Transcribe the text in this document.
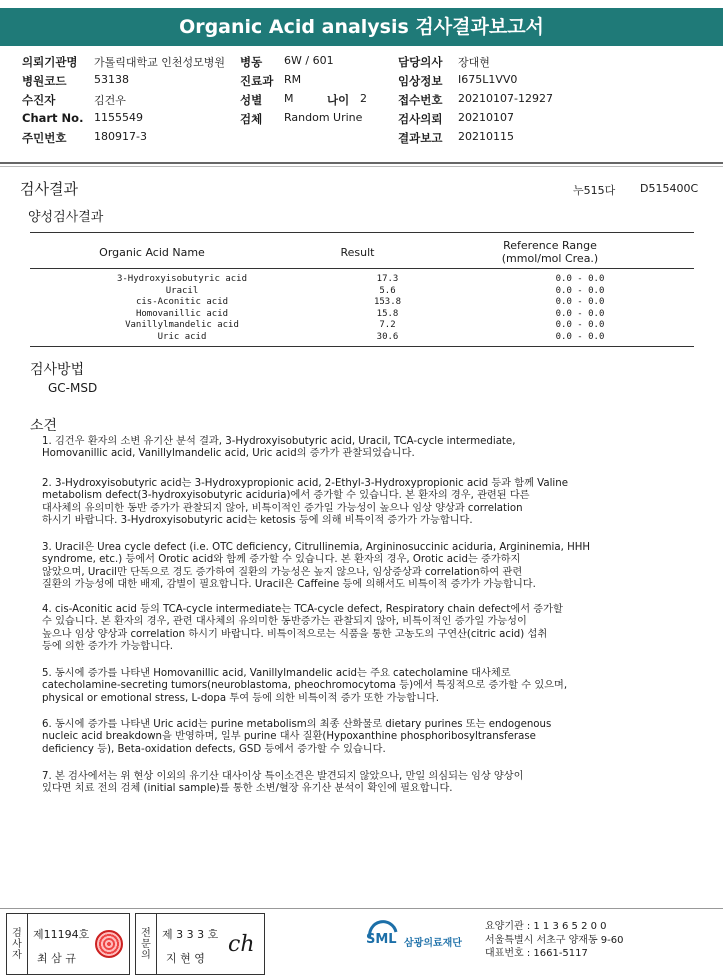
Organic Acid analysis 검사결과보고서
의뢰기관명 가톨릭대학교 인천성모병원 병동 6W / 601	담당의사 장대현
병원코드	53138	진료과 RM	임상정보 I675L1VV0
수진자	김건우	성별 M	나이 2	접수번호 20210107-12927
Chart No. 1155549	검체 Random Urine	검사의뢰 20210107
주민번호	180917-3	결과보고 20210115
검사결과	누515다 D515400C
양성검사결과
Organic Acid Name	Result
Reference Range
(mmol/mol Crea.)
3-Hydroxyisobutyric acid	17.3	0.0 - 0.0
Uracil	5.6	0.0 - 0.0
cis-Aconitic acid	153.8	0.0 - 0.0
Homovanillic acid	15.8	0.0 - 0.0
Vanillylmandelic acid	7.2	0.0 - 0.0
Uric acid	30.6	0.0 - 0.0
검사방법
GC-MSD
소견
1. 김건우 환자의 소변 유기산 분석 결과, 3-Hydroxyisobutyric acid, Uracil, TCA-cycle intermediate,
Homovanillic acid, Vanillylmandelic acid, Uric acid의 증가가 관찰되었습니다.
2. 3-Hydroxyisobutyric acid는 3-Hydroxypropionic acid, 2-Ethyl-3-Hydroxypropionic acid 등과 함께 Valine
metabolism defect(3-hydroxyisobutyric aciduria)에서 증가할 수 있습니다. 본 환자의 경우, 관련된 다른
대사체의 유의미한 동반 증가가 관찰되지 않아, 비특이적인 증가일 가능성이 높으나 임상 양상과 correlation
하시기 바랍니다. 3-Hydroxyisobutyric acid는 ketosis 등에 의해 비특이적 증가가 가능합니다.
3. Uracil은 Urea cycle defect (i.e. OTC deficiency, Citrullinemia, Argininosuccinic aciduria, Argininemia, HHH
syndrome, etc.) 등에서 Orotic acid와 함께 증가할 수 있습니다. 본 환자의 경우, Orotic acid는 증가하지
않았으며, Uracil만 단독으로 경도 증가하여 질환의 가능성은 높지 않으나, 임상증상과 correlation하여 관련
질환의 가능성에 대한 배제, 감별이 필요합니다. Uracil은 Caffeine 등에 의해서도 비특이적 증가가 가능합니다.
4. cis-Aconitic acid 등의 TCA-cycle intermediate는 TCA-cycle defect, Respiratory chain defect에서 증가할
수 있습니다. 본 환자의 경우, 관련 대사체의 유의미한 동반증가는 관찰되지 않아, 비특이적인 증가일 가능성이
높으나 임상 양상과 correlation 하시기 바랍니다. 비특이적으로는 식품을 통한 고농도의 구연산(citric acid) 섭취
등에 의한 증가가 가능합니다.
5. 동시에 증가를 나타낸 Homovanillic acid, Vanillylmandelic acid는 주요 catecholamine 대사체로
catecholamine-secreting tumors(neuroblastoma, pheochromocytoma 등)에서 특징적으로 증가할 수 있으며,
physical or emotional stress, L-dopa 투여 등에 의한 비특이적 증가 또한 가능합니다.
6. 동시에 증가를 나타낸 Uric acid는 purine metabolism의 최종 산화물로 dietary purines 또는 endogenous
nucleic acid breakdown을 반영하며, 일부 purine 대사 질환(Hypoxanthine phosphoribosyltransferase
deficiency 등), Beta-oxidation defects, GSD 등에서 증가할 수 있습니다.
7. 본 검사에서는 위 현상 이외의 유기산 대사이상 특이소견은 발견되지 않았으나, 만일 의심되는 임상 양상이
있다면 치료 전의 검체 (initial sample)를 통한 소변/혈장 유기산 분석이 확인에 필요합니다.
검
사
자
제11194호
최 삼 규
전
문
의
제 3 3 3 호
지 현 영
ch	SML 삼광의료재단
요양기관 : 1 1 3 6 5 2 0 0
서울특별시 서초구 양재동 9-60
대표번호 : 1661-5117
